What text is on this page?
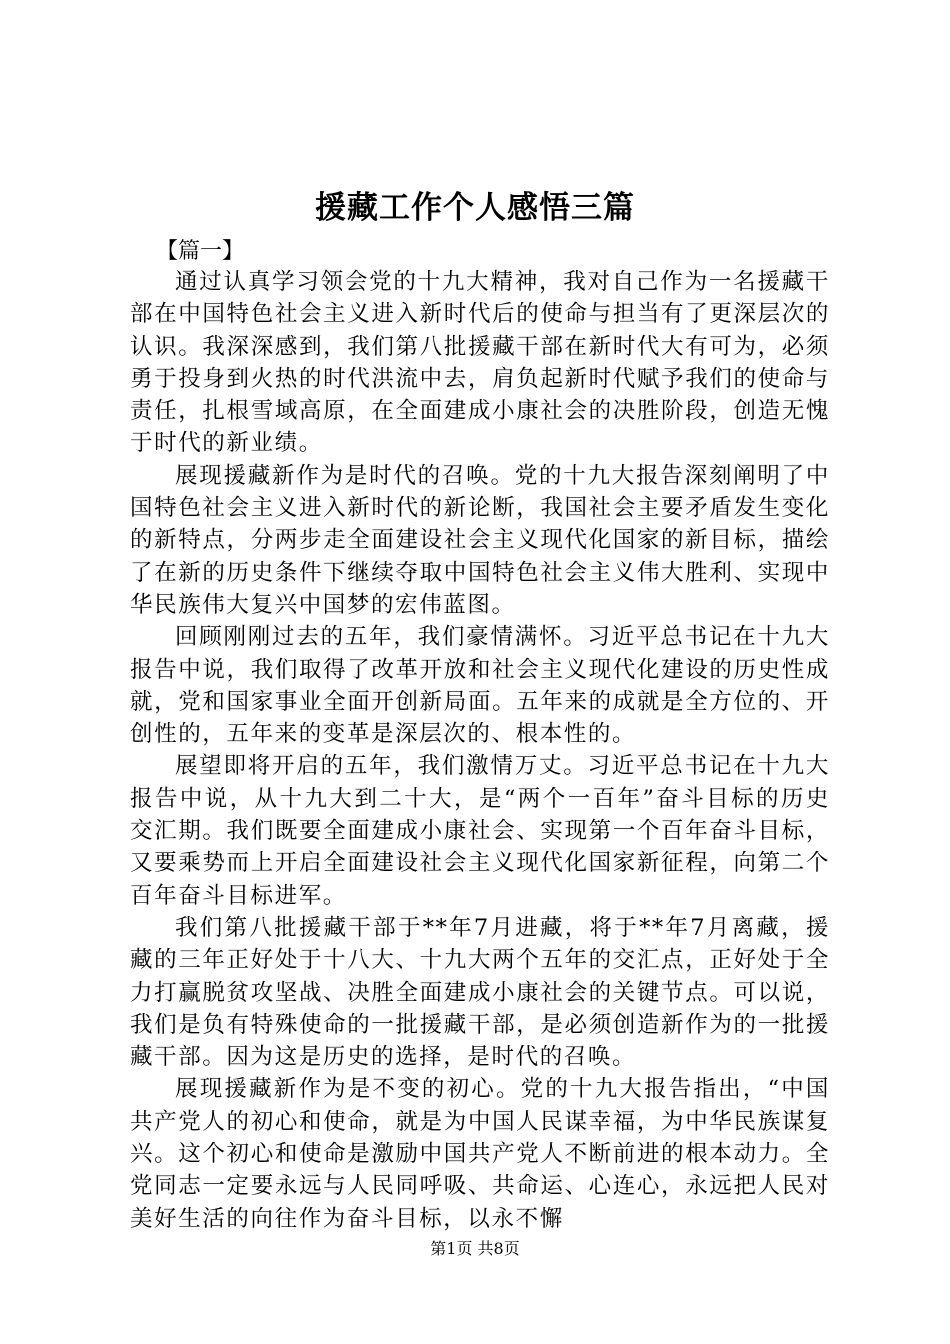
援藏工作个人感悟三篇
【篇一】

通过认真学习领会党的十九大精神，我对自己作为一名援藏干部在中国特色社会主义进入新时代后的使命与担当有了更深层次的认识。我深深感到，我们第八批援藏干部在新时代大有可为，必须勇于投身到火热的时代洪流中去，肩负起新时代赋予我们的使命与责任，扎根雪域高原，在全面建成小康社会的决胜阶段，创造无愧于时代的新业绩。

展现援藏新作为是时代的召唤。党的十九大报告深刻阐明了中国特色社会主义进入新时代的新论断，我国社会主要矛盾发生变化的新特点，分两步走全面建设社会主义现代化国家的新目标，描绘了在新的历史条件下继续夺取中国特色社会主义伟大胜利、实现中华民族伟大复兴中国梦的宏伟蓝图。

回顾刚刚过去的五年，我们豪情满怀。习近平总书记在十九大报告中说，我们取得了改革开放和社会主义现代化建设的历史性成就，党和国家事业全面开创新局面。五年来的成就是全方位的、开创性的，五年来的变革是深层次的、根本性的。

展望即将开启的五年，我们激情万丈。习近平总书记在十九大报告中说，从十九大到二十大，是“两个一百年”奋斗目标的历史交汇期。我们既要全面建成小康社会、实现第一个百年奋斗目标，又要乘势而上开启全面建设社会主义现代化国家新征程，向第二个百年奋斗目标进军。

我们第八批援藏干部于**年7月进藏，将于**年7月离藏，援藏的三年正好处于十八大、十九大两个五年的交汇点，正好处于全力打赢脱贫攻坚战、决胜全面建成小康社会的关键节点。可以说，我们是负有特殊使命的一批援藏干部，是必须创造新作为的一批援藏干部。因为这是历史的选择，是时代的召唤。

展现援藏新作为是不变的初心。党的十九大报告指出，“中国共产党人的初心和使命，就是为中国人民谋幸福，为中华民族谋复兴。这个初心和使命是激励中国共产党人不断前进的根本动力。全党同志一定要永远与人民同呼吸、共命运、心连心，永远把人民对美好生活的向往作为奋斗目标，以永不懈

第1页 共8页
